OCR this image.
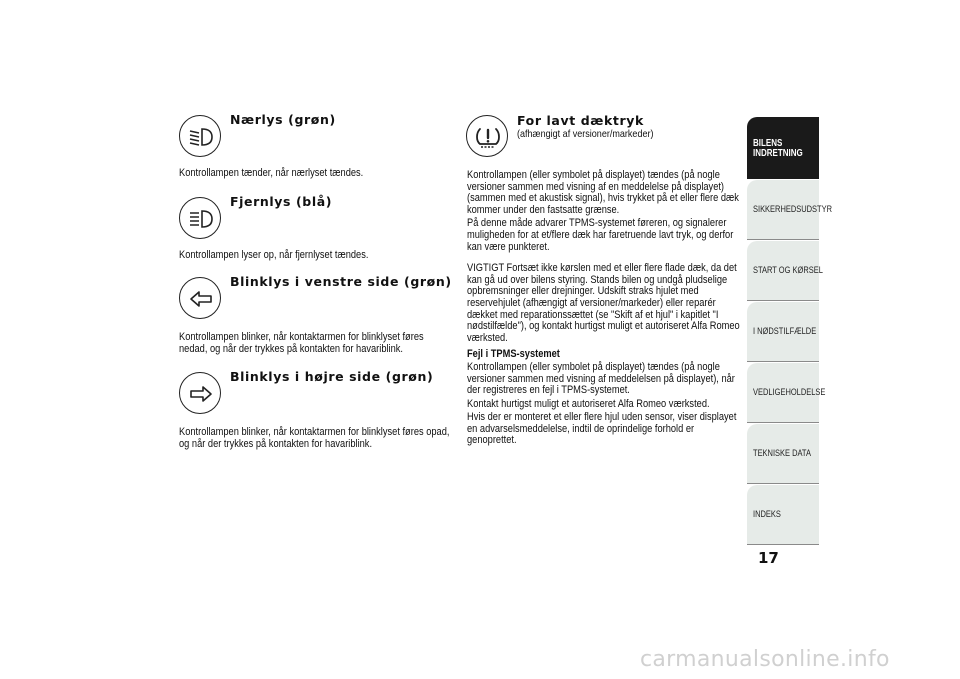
Nærlys (grøn)
Kontrollampen tænder, når nærlyset tændes.
Fjernlys (blå)
Kontrollampen lyser op, når fjernlyset tændes.
Blinklys i venstre side (grøn)
Kontrollampen blinker, når kontaktarmen for blinklyset føres nedad, og når der trykkes på kontakten for havariblink.
Blinklys i højre side (grøn)
Kontrollampen blinker, når kontaktarmen for blinklyset føres opad, og når der trykkes på kontakten for havariblink.
For lavt dæktryk
(afhængigt af versioner/markeder)

Kontrollampen (eller symbolet på displayet) tændes (på nogle versioner sammen med visning af en meddelelse på displayet) (sammen med et akustisk signal), hvis trykket på et eller flere dæk kommer under den fastsatte grænse.

På denne måde advarer TPMS-systemet føreren, og signalerer muligheden for at et/flere dæk har faretruende lavt tryk, og derfor kan være punkteret.

VIGTIGT Fortsæt ikke kørslen med et eller flere flade dæk, da det kan gå ud over bilens styring. Stands bilen og undgå pludselige opbremsninger eller drejninger. Udskift straks hjulet med reservehjulet (afhængigt af versioner/markeder) eller reparér dækket med reparationssættet (se "Skift af et hjul" i kapitlet "I nødstilfælde"), og kontakt hurtigst muligt et autoriseret Alfa Romeo værksted.

Fejl i TPMS-systemet

Kontrollampen (eller symbolet på displayet) tændes (på nogle versioner sammen med visning af meddelelsen på displayet), når der registreres en fejl i TPMS-systemet.

Kontakt hurtigst muligt et autoriseret Alfa Romeo værksted.

Hvis der er monteret et eller flere hjul uden sensor, viser displayet en advarselsmeddelelse, indtil de oprindelige forhold er genoprettet.

BILENS INDRETNING
SIKKERHEDSUDSTYR
START OG KØRSEL
I NØDSTILFÆLDE
VEDLIGEHOLDELSE
TEKNISKE DATA
INDEKS
17
carmanualsonline.info
